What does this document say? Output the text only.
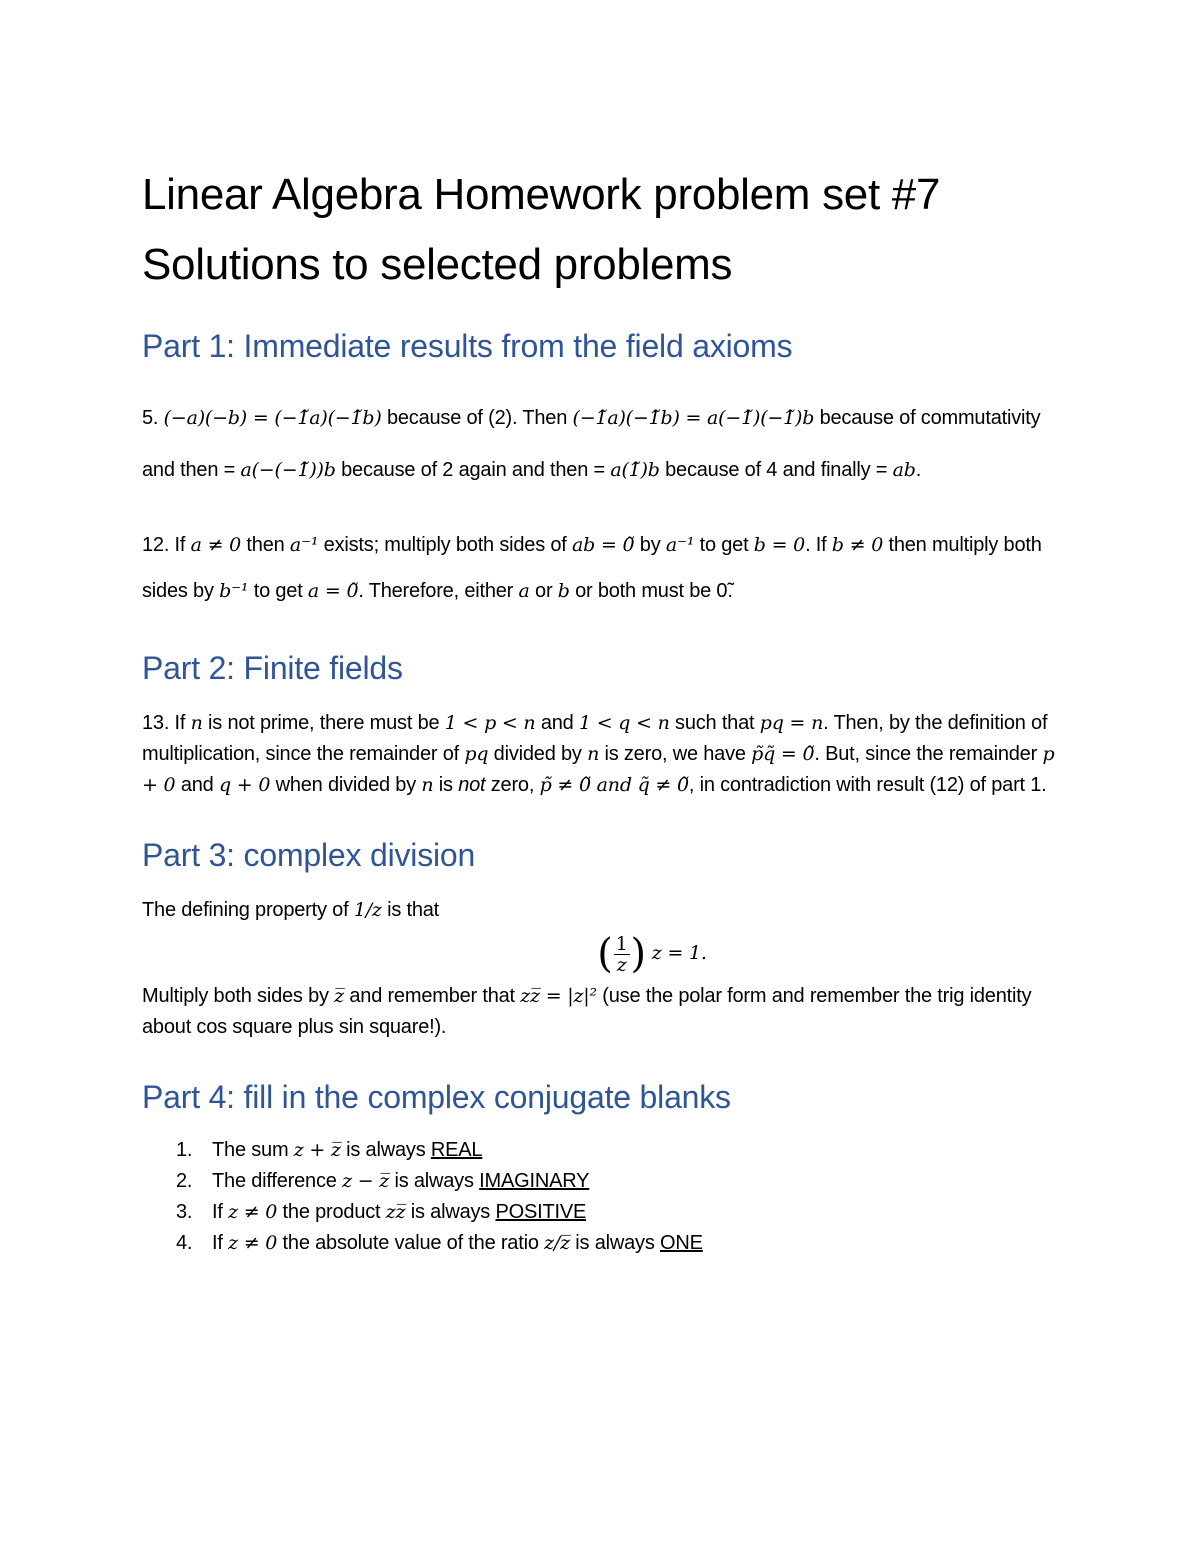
Linear Algebra Homework problem set #7
Solutions to selected problems
Part 1: Immediate results from the field axioms

5. (−a)(−b) = (−1̃a)(−1̃b) because of (2). Then (−1̃a)(−1̃b) = a(−1̃)(−1̃)b because of commutativity and then = a(−(−1̃))b because of 2 again and then = a(1̃)b because of 4 and finally = ab.

12. If a ≠ 0 then a⁻¹ exists; multiply both sides of ab = 0̃ by a⁻¹ to get b = 0. If b ≠ 0 then multiply both sides by b⁻¹ to get a = 0̃. Therefore, either a or b or both must be 0̃.

Part 2: Finite fields

13. If n is not prime, there must be 1 < p < n and 1 < q < n such that pq = n. Then, by the definition of multiplication, since the remainder of pq divided by n is zero, we have p̃q̃ = 0̃. But, since the remainder p + 0 and q + 0 when divided by n is not zero, p̃ ≠ 0̃ and q̃ ≠ 0̃, in contradiction with result (12) of part 1.

Part 3: complex division

The defining property of 1/z is that

( $\frac{1}{z}$ ) z = 1.

Multiply both sides by z̅ and remember that zz̅ = |z|² (use the polar form and remember the trig identity about cos square plus sin square!).

Part 4: fill in the complex conjugate blanks
1. The sum z + z̅ is always REAL
2. The difference z − z̅ is always IMAGINARY
3. If z ≠ 0 the product zz̅ is always POSITIVE
4. If z ≠ 0 the absolute value of the ratio z/z̅ is always ONE
